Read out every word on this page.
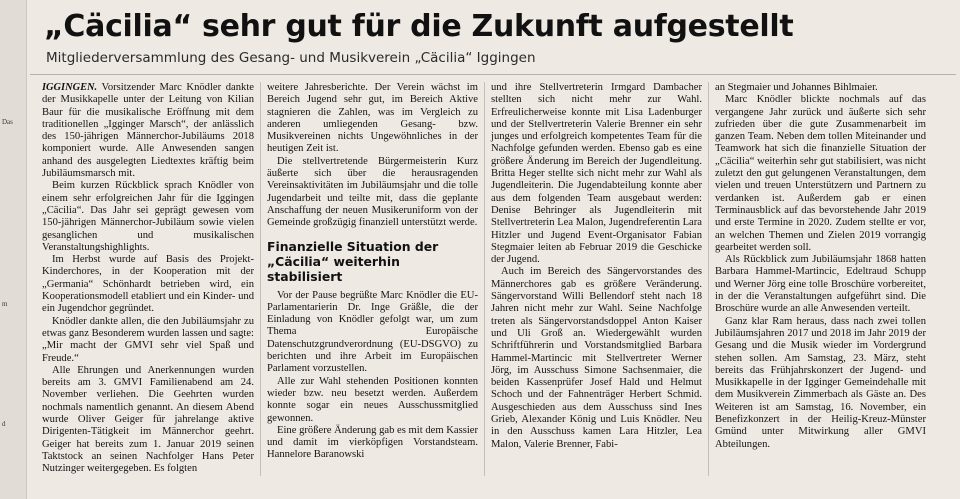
Das
m
d
„Cäcilia“ sehr gut für die Zukunft aufgestellt
Mitgliederversammlung des Gesang- und Musikverein „Cäcilia“ Iggingen

IGGINGEN. Vorsitzender Marc Knödler dankte der Musikkapelle unter der Leitung von Kilian Baur für die musikalische Eröffnung mit dem traditionellen „Igginger Marsch“, der anlässlich des 150-jährigen Männerchor-Jubiläums 2018 komponiert wurde. Alle Anwesenden sangen anhand des ausgelegten Liedtextes kräftig beim Jubiläumsmarsch mit.

Beim kurzen Rückblick sprach Knödler von einem sehr erfolgreichen Jahr für die Iggingen „Cäcilia“. Das Jahr sei geprägt gewesen vom 150-jährigen Männerchor-Jubiläum sowie vielen gesanglichen und musikalischen Veranstaltungshighlights.

Im Herbst wurde auf Basis des Projekt-Kinderchores, in der Kooperation mit der „Germania“ Schönhardt betrieben wird, ein Kooperationsmodell etabliert und ein Kinder- und ein Jugendchor gegründet.

Knödler dankte allen, die den Jubiläumsjahr zu etwas ganz Besonderem wurden lassen und sagte: „Mir macht der GMVI sehr viel Spaß und Freude.“

Alle Ehrungen und Anerkennungen wurden bereits am 3. GMVI Familienabend am 24. November verliehen. Die Geehrten wurden nochmals namentlich genannt. An diesem Abend wurde Oliver Geiger für jahrelange aktive Dirigenten-Tätigkeit im Männerchor geehrt. Geiger hat bereits zum 1. Januar 2019 seinen Taktstock an seinen Nachfolger Hans Peter Nutzinger weitergegeben. Es folgten

weitere Jahresberichte. Der Verein wächst im Bereich Jugend sehr gut, im Bereich Aktive stagnieren die Zahlen, was im Vergleich zu anderen umliegenden Gesang- bzw. Musikvereinen nichts Ungewöhnliches in der heutigen Zeit ist.

Die stellvertretende Bürgermeisterin Kurz äußerte sich über die herausragenden Vereinsaktivitäten im Jubiläumsjahr und die tolle Jugendarbeit und teilte mit, dass die geplante Anschaffung der neuen Musikeruniform von der Gemeinde großzügig finanziell unterstützt werde.

Finanzielle Situation der „Cäcilia“ weiterhin stabilisiert

Vor der Pause begrüßte Marc Knödler die EU-Parlamentarierin Dr. Inge Gräßle, die der Einladung von Knödler gefolgt war, um zum Thema Europäische Datenschutzgrundverordnung (EU-DSGVO) zu berichten und ihre Arbeit im Europäischen Parlament vorzustellen.

Alle zur Wahl stehenden Positionen konnten wieder bzw. neu besetzt werden. Außerdem konnte sogar ein neues Ausschussmitglied gewonnen.

Eine größere Änderung gab es mit dem Kassier und damit im vierköpfigen Vorstandsteam. Hannelore Baranowski

und ihre Stellvertreterin Irmgard Dambacher stellten sich nicht mehr zur Wahl. Erfreulicherweise konnte mit Lisa Ladenburger und der Stellvertreterin Valerie Brenner ein sehr junges und erfolgreich kompetentes Team für die Nachfolge gefunden werden. Ebenso gab es eine größere Änderung im Bereich der Jugendleitung. Britta Heger stellte sich nicht mehr zur Wahl als Jugendleiterin. Die Jugendabteilung konnte aber aus dem folgenden Team ausgebaut werden: Denise Behringer als Jugendleiterin mit Stellvertreterin Lea Malon, Jugendreferentin Lara Hitzler und Jugend Event-Organisator Fabian Stegmaier leiten ab Februar 2019 die Geschicke der Jugend.

Auch im Bereich des Sängervorstandes des Männerchores gab es größere Veränderung. Sängervorstand Willi Bellendorf steht nach 18 Jahren nicht mehr zur Wahl. Seine Nachfolge treten als Sängervorstandsdoppel Anton Kaiser und Uli Groß an. Wiedergewählt wurden Schriftführerin und Vorstandsmitglied Barbara Hammel-Martincic mit Stellvertreter Werner Jörg, im Ausschuss Simone Sachsenmaier, die beiden Kassenprüfer Josef Hald und Helmut Schoch und der Fahnenträger Herbert Schmid. Ausgeschieden aus dem Ausschuss sind Ines Grieb, Alexander König und Luis Knödler. Neu in den Ausschuss kamen Lara Hitzler, Lea Malon, Valerie Brenner, Fabi-

an Stegmaier und Johannes Bihlmaier.

Marc Knödler blickte nochmals auf das vergangene Jahr zurück und äußerte sich sehr zufrieden über die gute Zusammenarbeit im ganzen Team. Neben dem tollen Miteinander und Teamwork hat sich die finanzielle Situation der „Cäcilia“ weiterhin sehr gut stabilisiert, was nicht zuletzt den gut gelungenen Veranstaltungen, dem vielen und treuen Unterstützern und Partnern zu verdanken ist. Außerdem gab er einen Terminausblick auf das bevorstehende Jahr 2019 und erste Termine in 2020. Zudem stellte er vor, an welchen Themen und Zielen 2019 vorrangig gearbeitet werden soll.

Als Rückblick zum Jubiläumsjahr 1868 hatten Barbara Hammel-Martincic, Edeltraud Schupp und Werner Jörg eine tolle Broschüre vorbereitet, in der die Veranstaltungen aufgeführt sind. Die Broschüre wurde an alle Anwesenden verteilt.

Ganz klar Ram heraus, dass nach zwei tollen Jubiläumsjahren 2017 und 2018 im Jahr 2019 der Gesang und die Musik wieder im Vordergrund stehen sollen. Am Samstag, 23. März, steht bereits das Frühjahrskonzert der Jugend- und Musikkapelle in der Igginger Gemeindehalle mit dem Musikverein Zimmerbach als Gäste an. Des Weiteren ist am Samstag, 16. November, ein Benefizkonzert in der Heilig-Kreuz-Münster Gmünd unter Mitwirkung aller GMVI Abteilungen.
